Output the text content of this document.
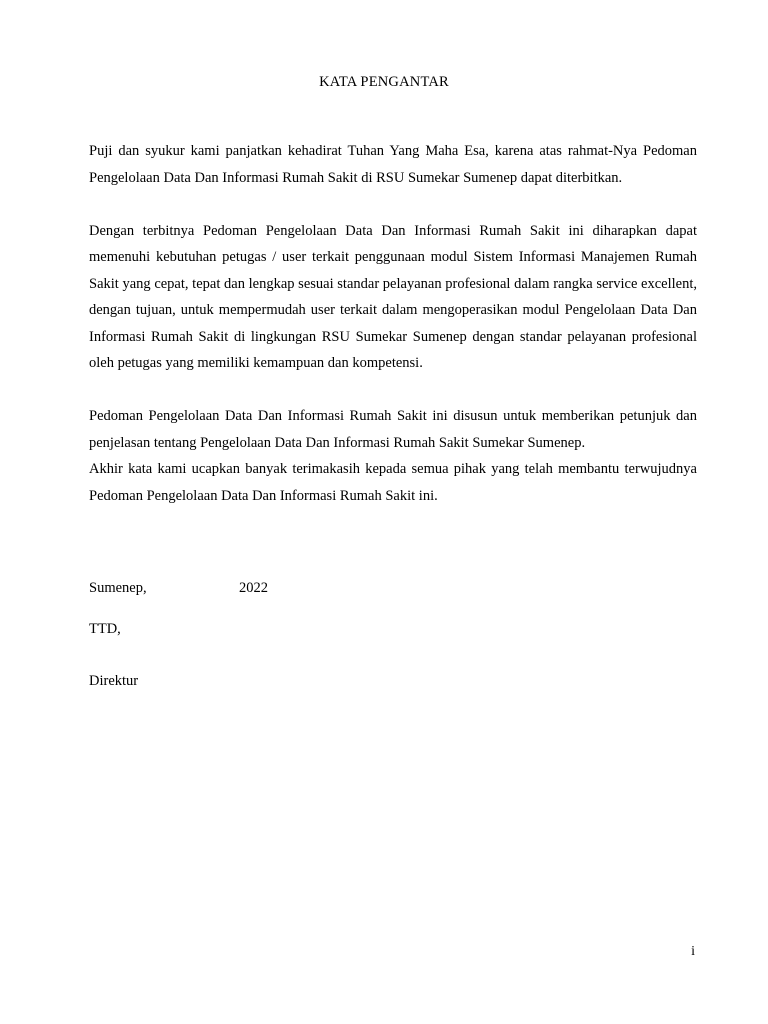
KATA PENGANTAR

Puji dan syukur kami panjatkan kehadirat Tuhan Yang Maha Esa, karena atas rahmat-Nya Pedoman Pengelolaan Data Dan Informasi Rumah Sakit di RSU Sumekar Sumenep dapat diterbitkan.

Dengan terbitnya Pedoman Pengelolaan Data Dan Informasi Rumah Sakit ini diharapkan dapat memenuhi kebutuhan petugas / user terkait penggunaan modul Sistem Informasi Manajemen Rumah Sakit yang cepat, tepat dan lengkap sesuai standar pelayanan profesional dalam rangka service excellent, dengan tujuan, untuk mempermudah user terkait dalam mengoperasikan modul Pengelolaan Data Dan Informasi Rumah Sakit di lingkungan RSU Sumekar Sumenep dengan standar pelayanan profesional oleh petugas yang memiliki kemampuan dan kompetensi.

Pedoman Pengelolaan Data Dan Informasi Rumah Sakit ini disusun untuk memberikan petunjuk dan penjelasan tentang Pengelolaan Data Dan Informasi Rumah Sakit Sumekar Sumenep.

Akhir kata kami ucapkan banyak terimakasih kepada semua pihak yang telah membantu terwujudnya Pedoman Pengelolaan Data Dan Informasi Rumah Sakit ini.

Sumenep,	2022
TTD,
Direktur
i
